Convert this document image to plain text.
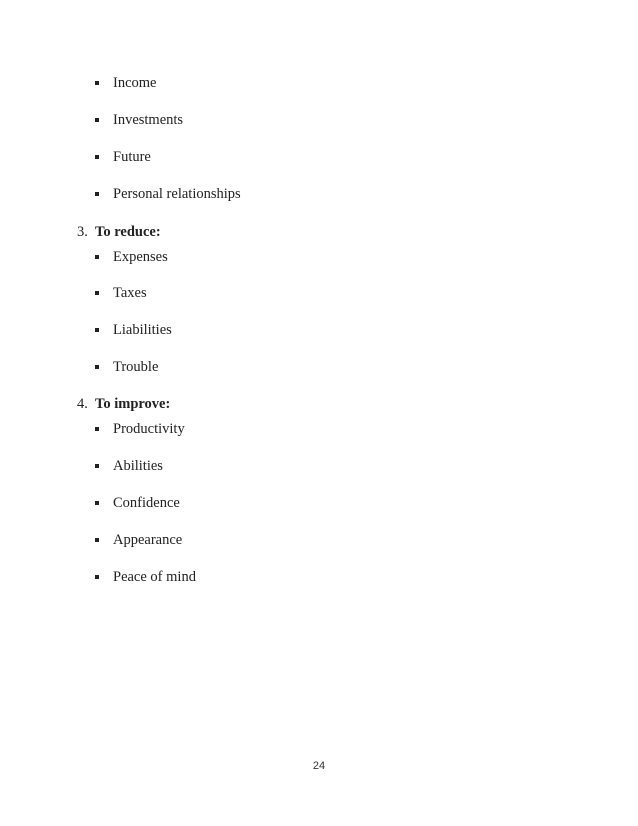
Income
Investments
Future
Personal relationships
3. To reduce:
Expenses
Taxes
Liabilities
Trouble
4. To improve:
Productivity
Abilities
Confidence
Appearance
Peace of mind
24
